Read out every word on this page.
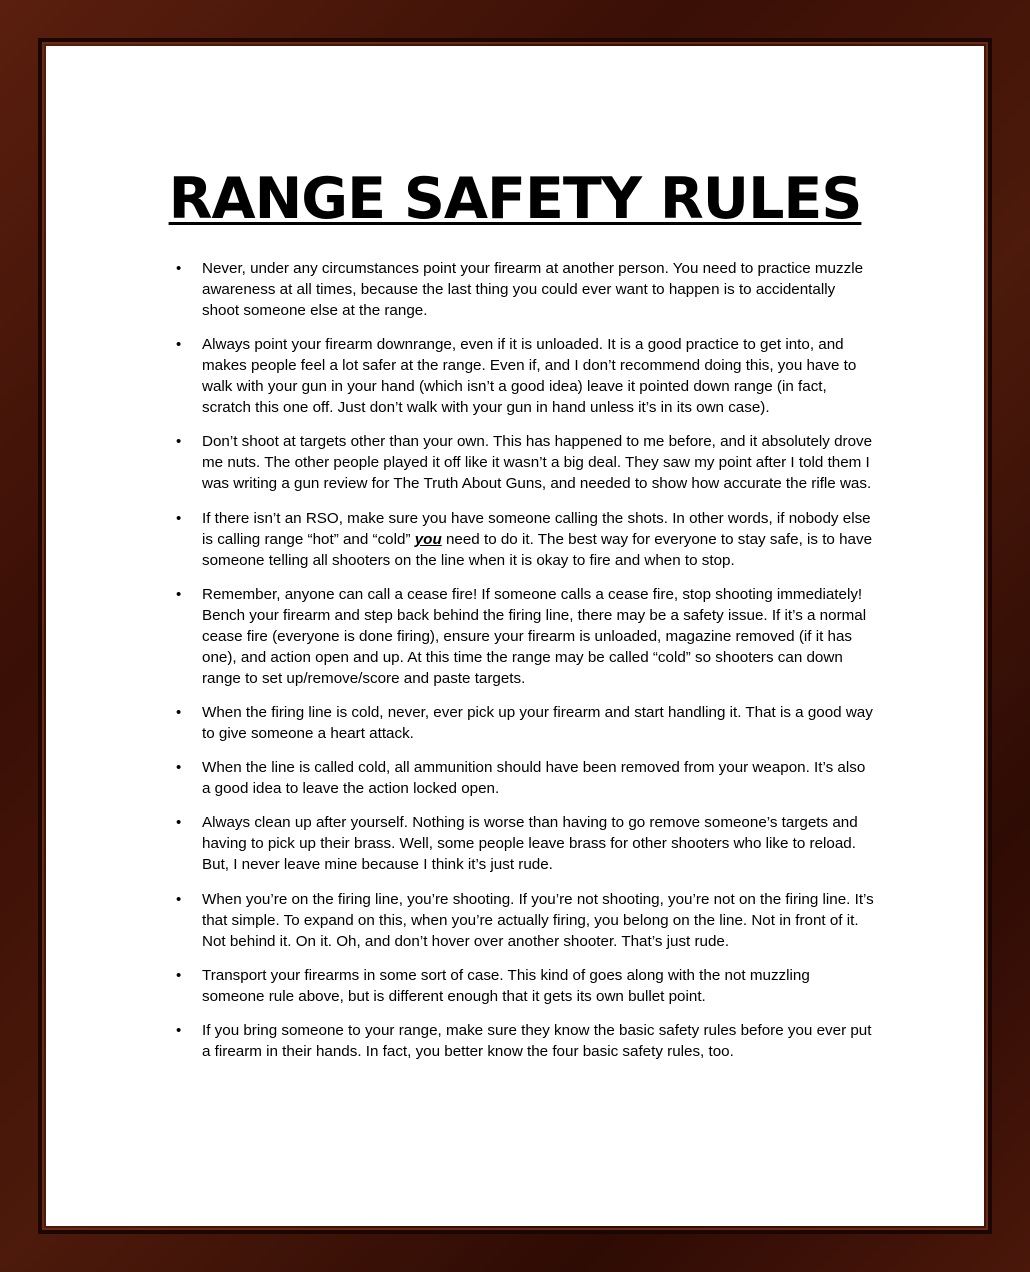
RANGE SAFETY RULES
• Never, under any circumstances point your firearm at another person. You need to practice muzzle awareness at all times, because the last thing you could ever want to happen is to accidentally shoot someone else at the range.
• Always point your firearm downrange, even if it is unloaded. It is a good practice to get into, and makes people feel a lot safer at the range. Even if, and I don’t recommend doing this, you have to walk with your gun in your hand (which isn’t a good idea) leave it pointed down range (in fact, scratch this one off. Just don’t walk with your gun in hand unless it’s in its own case).
• Don’t shoot at targets other than your own. This has happened to me before, and it absolutely drove me nuts. The other people played it off like it wasn’t a big deal. They saw my point after I told them I was writing a gun review for The Truth About Guns, and needed to show how accurate the rifle was.
• If there isn’t an RSO, make sure you have someone calling the shots. In other words, if nobody else is calling range “hot” and “cold” you need to do it. The best way for everyone to stay safe, is to have someone telling all shooters on the line when it is okay to fire and when to stop.
• Remember, anyone can call a cease fire! If someone calls a cease fire, stop shooting immediately! Bench your firearm and step back behind the firing line, there may be a safety issue. If it’s a normal cease fire (everyone is done firing), ensure your firearm is unloaded, magazine removed (if it has one), and action open and up. At this time the range may be called “cold” so shooters can down range to set up/remove/score and paste targets.
• When the firing line is cold, never, ever pick up your firearm and start handling it. That is a good way to give someone a heart attack.
• When the line is called cold, all ammunition should have been removed from your weapon. It’s also a good idea to leave the action locked open.
• Always clean up after yourself. Nothing is worse than having to go remove someone’s targets and having to pick up their brass. Well, some people leave brass for other shooters who like to reload. But, I never leave mine because I think it’s just rude.
• When you’re on the firing line, you’re shooting. If you’re not shooting, you’re not on the firing line. It’s that simple. To expand on this, when you’re actually firing, you belong on the line. Not in front of it. Not behind it. On it. Oh, and don’t hover over another shooter. That’s just rude.
• Transport your firearms in some sort of case. This kind of goes along with the not muzzling someone rule above, but is different enough that it gets its own bullet point.
• If you bring someone to your range, make sure they know the basic safety rules before you ever put a firearm in their hands. In fact, you better know the four basic safety rules, too.
